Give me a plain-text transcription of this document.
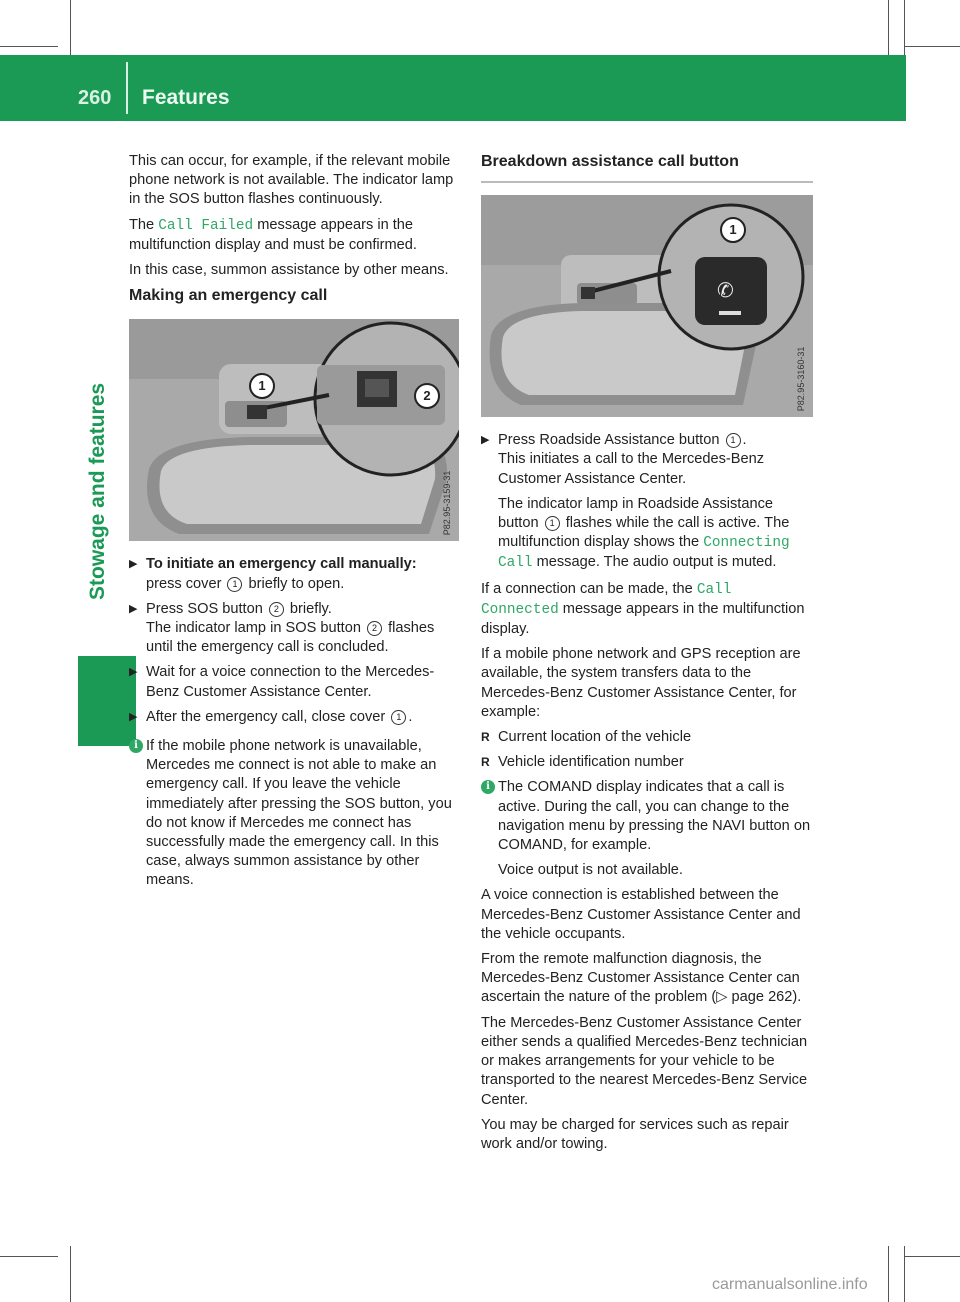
260 Features
Stowage and features

This can occur, for example, if the relevant mobile phone network is not available. The indicator lamp in the SOS button flashes continuously.

The Call Failed message appears in the multifunction display and must be confirmed.

In this case, summon assistance by other means.

Making an emergency call
1
2
▶ To initiate an emergency call manually:
press cover 1 briefly to open.
▶ Press SOS button 2 briefly.
The indicator lamp in SOS button 2 flashes until the emergency call is concluded.
▶ Wait for a voice connection to the Mercedes-Benz Customer Assistance Center.
▶ After the emergency call, close cover 1 .
i If the mobile phone network is unavailable, Mercedes me connect is not able to make an emergency call. If you leave the vehicle immediately after pressing the SOS button, you do not know if Mercedes me connect has successfully made the emergency call. In this case, always summon assistance by other means.
Breakdown assistance call button
✆
1
▶ Press Roadside Assistance button 1 .
This initiates a call to the Mercedes-Benz Customer Assistance Center.
The indicator lamp in Roadside Assistance button 1 flashes while the call is active. The multifunction display shows the Connecting Call message. The audio output is muted.

If a connection can be made, the Call Connected message appears in the multifunction display.

If a mobile phone network and GPS reception are available, the system transfers data to the Mercedes-Benz Customer Assistance Center, for example:

R Current location of the vehicle
R Vehicle identification number
i The COMAND display indicates that a call is active. During the call, you can change to the navigation menu by pressing the NAVI button on COMAND, for example.
Voice output is not available.

A voice connection is established between the Mercedes-Benz Customer Assistance Center and the vehicle occupants.

From the remote malfunction diagnosis, the Mercedes-Benz Customer Assistance Center can ascertain the nature of the problem (▷ page 262).

The Mercedes-Benz Customer Assistance Center either sends a qualified Mercedes-Benz technician or makes arrangements for your vehicle to be transported to the nearest Mercedes-Benz Service Center.

You may be charged for services such as repair work and/or towing.

carmanualsonline.info
